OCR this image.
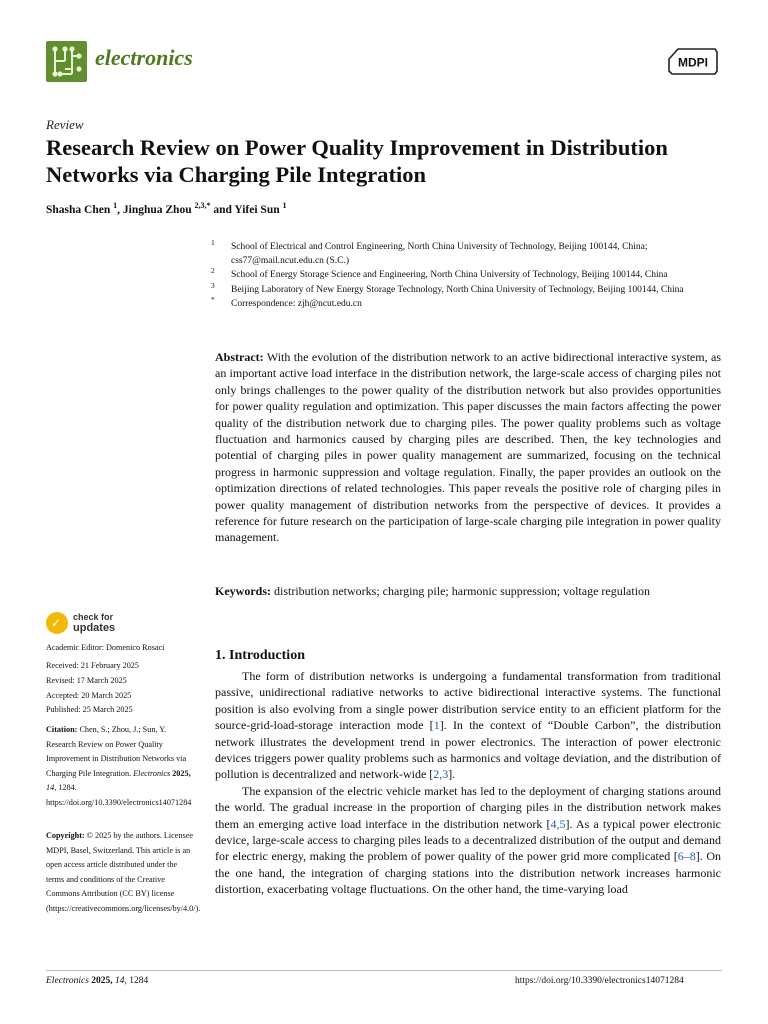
electronics	MDPI
Review
Research Review on Power Quality Improvement in Distribution Networks via Charging Pile Integration
Shasha Chen $^1$, Jinghua Zhou $^{2,3,*}$ and Yifei Sun $^1$
1 School of Electrical and Control Engineering, North China University of Technology, Beijing 100144, China; css77@mail.ncut.edu.cn (S.C.)
2 School of Energy Storage Science and Engineering, North China University of Technology, Beijing 100144, China
3 Beijing Laboratory of New Energy Storage Technology, North China University of Technology, Beijing 100144, China
* Correspondence: zjh@ncut.edu.cn
Abstract: With the evolution of the distribution network to an active bidirectional interactive system, as an important active load interface in the distribution network, the large-scale access of charging piles not only brings challenges to the power quality of the distribution network but also provides opportunities for power quality regulation and optimization. This paper discusses the main factors affecting the power quality of the distribution network due to charging piles. The power quality problems such as voltage fluctuation and harmonics caused by charging piles are described. Then, the key technologies and potential of charging piles in power quality management are summarized, focusing on the technical progress in harmonic suppression and voltage regulation. Finally, the paper provides an outlook on the optimization directions of related technologies. This paper reveals the positive role of charging piles in power quality management of distribution networks from the perspective of devices. It provides a reference for future research on the participation of large-scale charging pile integration in power quality management.
Keywords: distribution networks; charging pile; harmonic suppression; voltage regulation
✓ check for
updates
Academic Editor: Domenico Rosaci
Received: 21 February 2025
Revised: 17 March 2025
Accepted: 20 March 2025
Published: 25 March 2025
Citation: Chen, S.; Zhou, J.; Sun, Y. Research Review on Power Quality Improvement in Distribution Networks via Charging Pile Integration. Electronics 2025, 14, 1284. https://doi.org/10.3390/electronics14071284
Copyright: © 2025 by the authors. Licensee MDPI, Basel, Switzerland. This article is an open access article distributed under the terms and conditions of the Creative Commons Attribution (CC BY) license (https://creativecommons.org/licenses/by/4.0/).
1. Introduction

The form of distribution networks is undergoing a fundamental transformation from traditional passive, unidirectional radiative networks to active bidirectional interactive systems. The functional position is also evolving from a single power distribution service entity to an efficient platform for the source-grid-load-storage interaction mode [1]. In the context of “Double Carbon”, the distribution network illustrates the development trend in power electronics. The interaction of power electronic devices triggers power quality problems such as harmonics and voltage deviation, and the distribution of pollution is decentralized and network-wide [2,3].

The expansion of the electric vehicle market has led to the deployment of charging stations around the world. The gradual increase in the proportion of charging piles in the distribution network makes them an emerging active load interface in the distribution network [4,5]. As a typical power electronic device, large-scale access to charging piles leads to a decentralized distribution of the output and demand for electric energy, making the problem of power quality of the power grid more complicated [6–8]. On the one hand, the integration of charging stations into the distribution network increases harmonic distortion, exacerbating voltage fluctuations. On the other hand, the time-varying load

Electronics 2025, 14, 1284	https://doi.org/10.3390/electronics14071284
